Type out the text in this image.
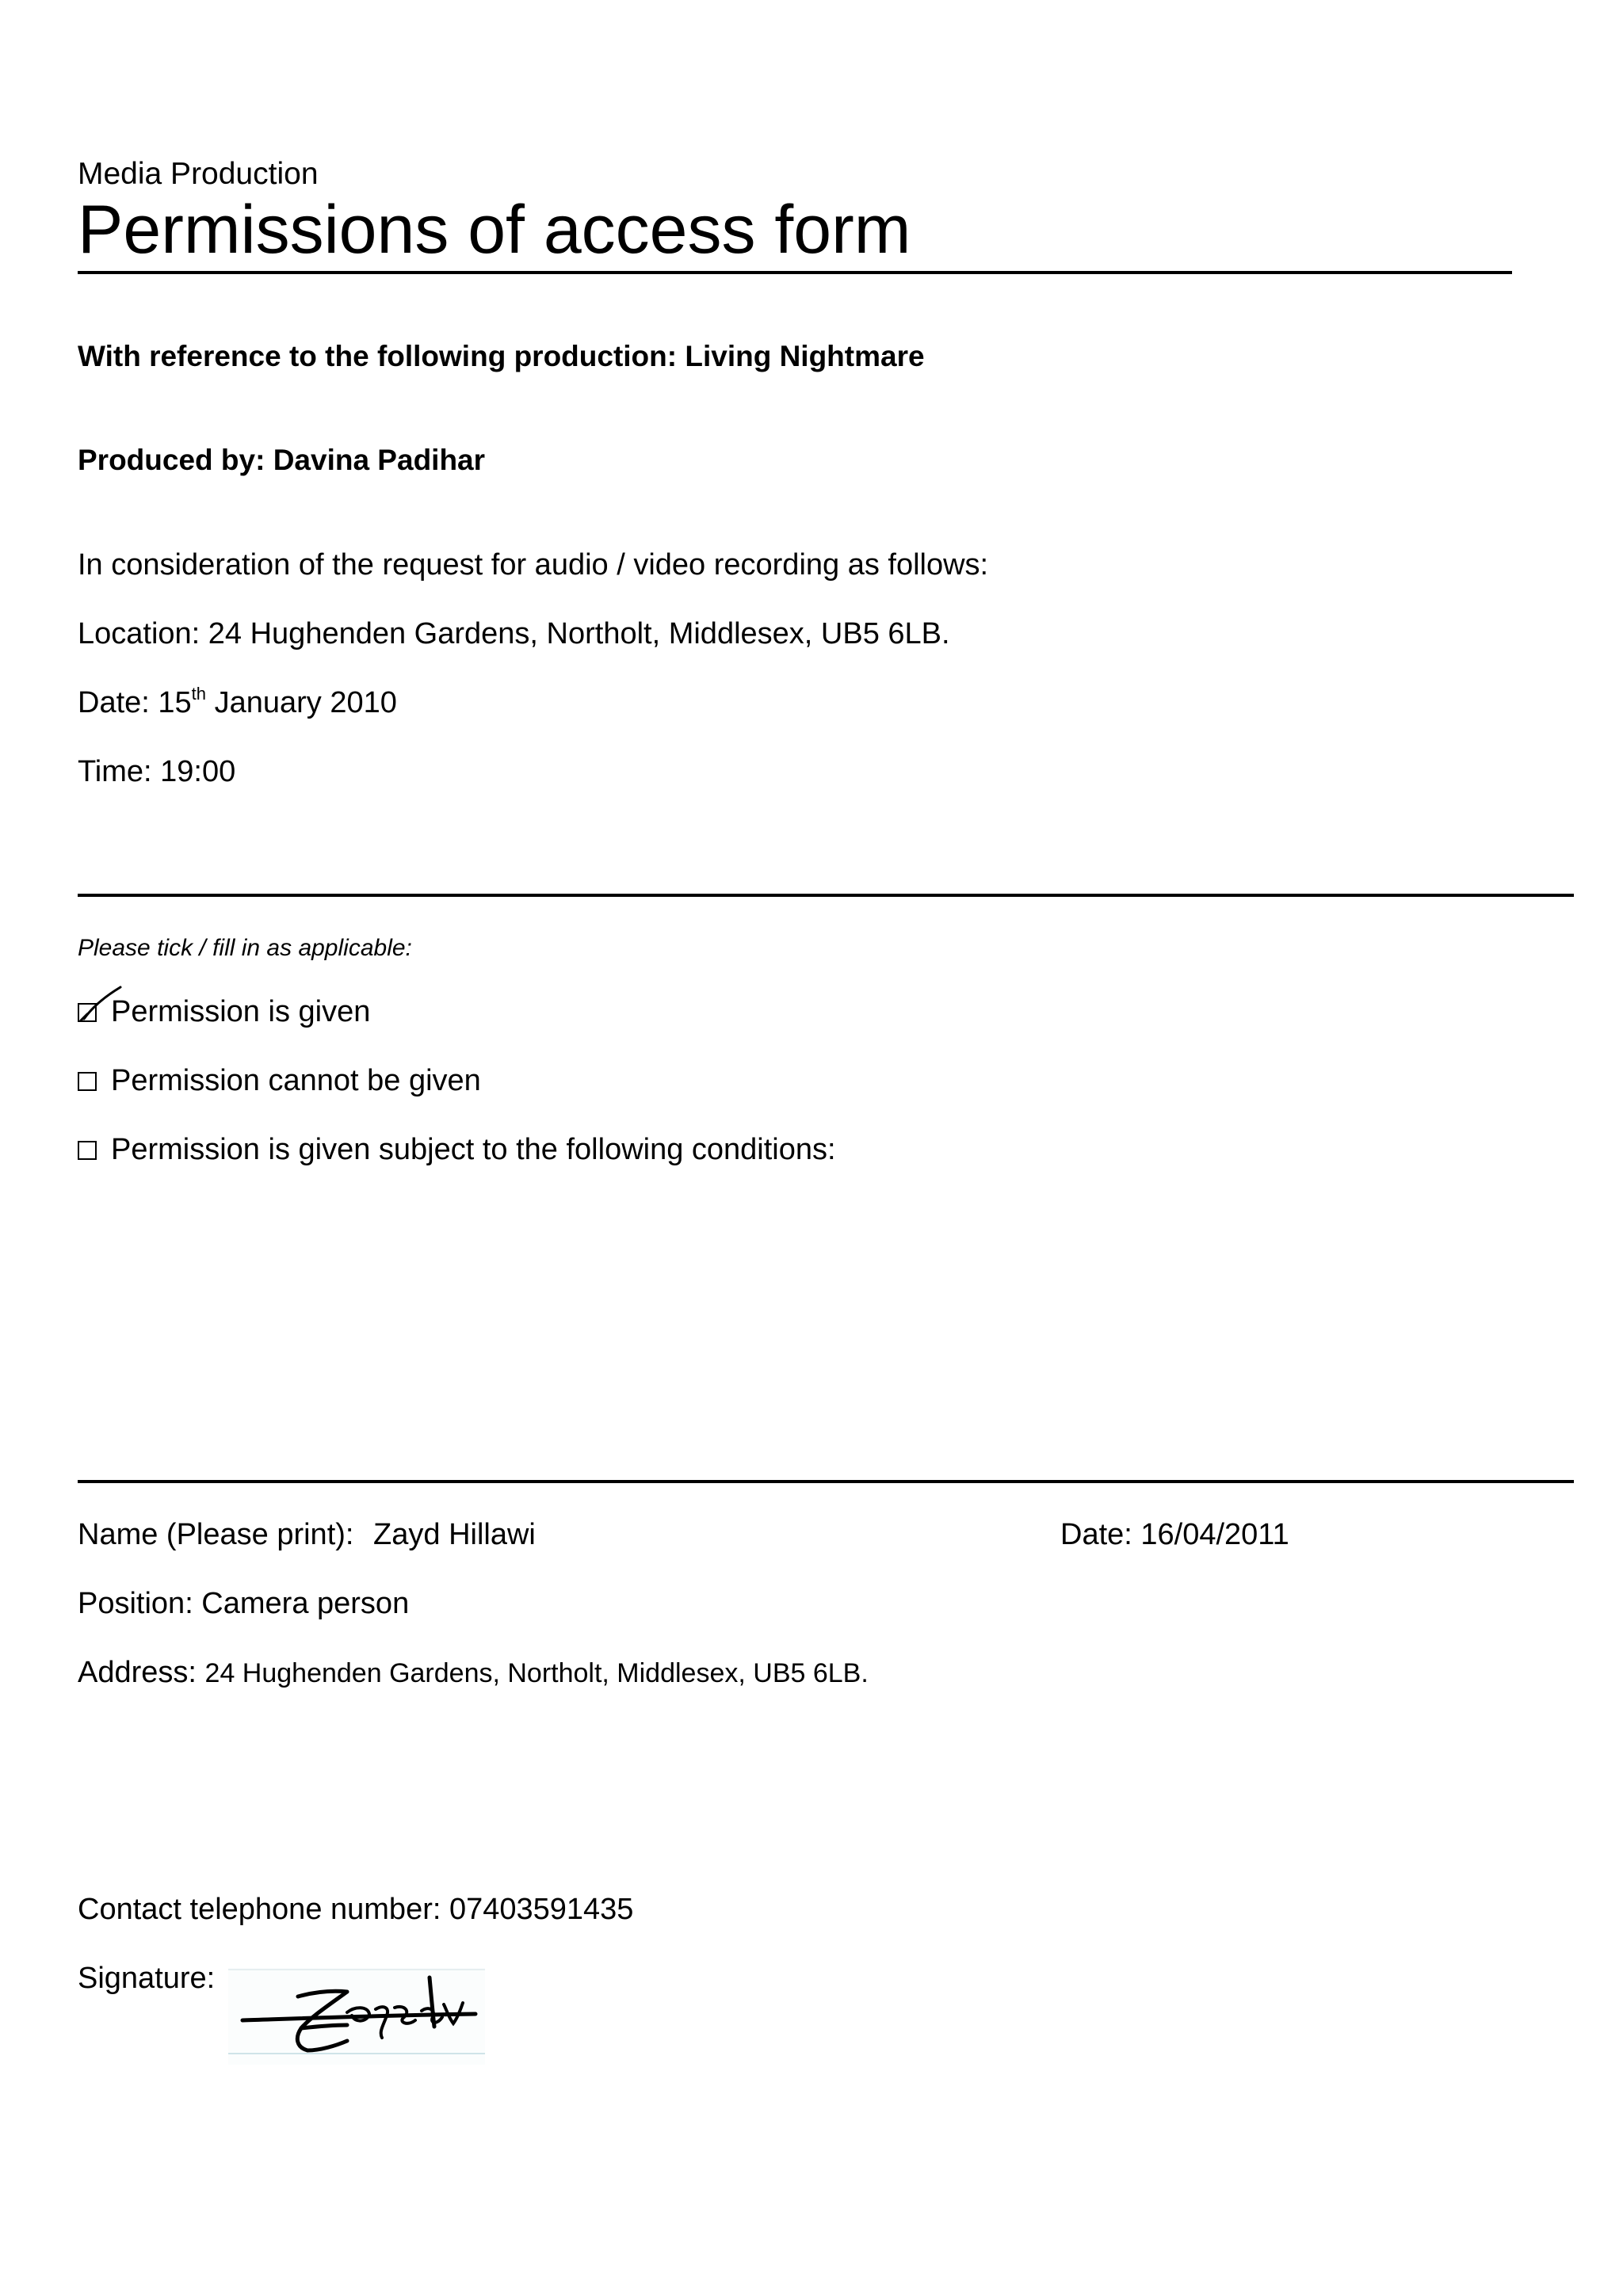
Media Production
Permissions of access form
With reference to the following production: Living Nightmare
Produced by: Davina Padihar
In consideration of the request for audio / video recording as follows:
Location: 24 Hughenden Gardens, Northolt, Middlesex, UB5 6LB.
Date: 15th January 2010
Time: 19:00
Please tick / fill in as applicable:
Permission is given
Permission cannot be given
Permission is given subject to the following conditions:
Name (Please print): Zayd Hillawi	Date: 16/04/2011
Position: Camera person
Address: 24 Hughenden Gardens, Northolt, Middlesex, UB5 6LB.
Contact telephone number: 07403591435
Signature:
